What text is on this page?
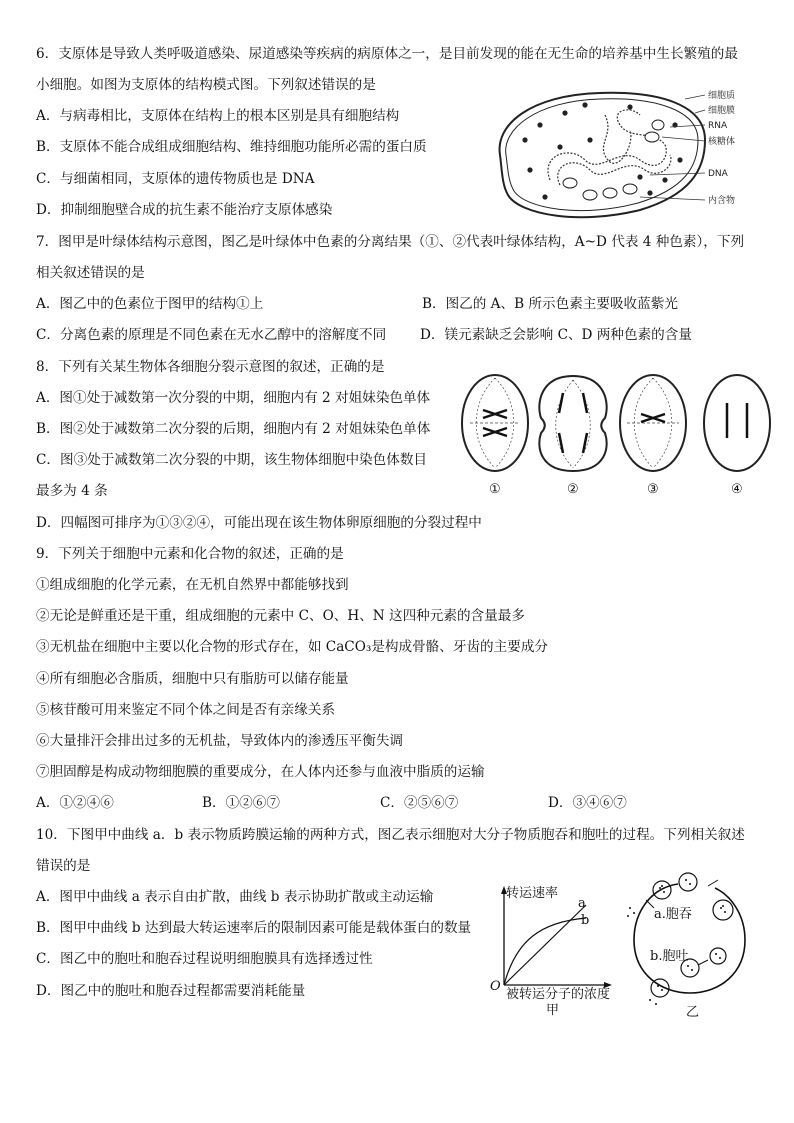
6．支原体是导致人类呼吸道感染、尿道感染等疾病的病原体之一，是目前发现的能在无生命的培养基中生长繁殖的最
小细胞。如图为支原体的结构模式图。下列叙述错误的是
A．与病毒相比，支原体在结构上的根本区别是具有细胞结构
B．支原体不能合成组成细胞结构、维持细胞功能所必需的蛋白质
C．与细菌相同，支原体的遗传物质也是 DNA
D．抑制细胞壁合成的抗生素不能治疗支原体感染
细胞质
细胞膜
RNA
核糖体
DNA
内含物
7．图甲是叶绿体结构示意图，图乙是叶绿体中色素的分离结果（①、②代表叶绿体结构，A~D 代表 4 种色素），下列
相关叙述错误的是
A．图乙中的色素位于图甲的结构①上	B．图乙的 A、B 所示色素主要吸收蓝紫光
C．分离色素的原理是不同色素在无水乙醇中的溶解度不同 D．镁元素缺乏会影响 C、D 两种色素的含量
8．下列有关某生物体各细胞分裂示意图的叙述，正确的是
A．图①处于减数第一次分裂的中期，细胞内有 2 对姐妹染色单体
B．图②处于减数第二次分裂的后期，细胞内有 2 对姐妹染色单体
C．图③处于减数第二次分裂的中期，该生物体细胞中染色体数目
最多为 4 条
D．四幅图可排序为①③②④，可能出现在该生物体卵原细胞的分裂过程中
①	②	③	④
9．下列关于细胞中元素和化合物的叙述，正确的是
①组成细胞的化学元素，在无机自然界中都能够找到
②无论是鲜重还是干重，组成细胞的元素中 C、O、H、N 这四种元素的含量最多
③无机盐在细胞中主要以化合物的形式存在，如 CaCO₃是构成骨骼、牙齿的主要成分
④所有细胞必含脂质，细胞中只有脂肪可以储存能量
⑤核苷酸可用来鉴定不同个体之间是否有亲缘关系
⑥大量排汗会排出过多的无机盐，导致体内的渗透压平衡失调
⑦胆固醇是构成动物细胞膜的重要成分，在人体内还参与血液中脂质的运输
A．①②④⑥	B．①②⑥⑦	C．②⑤⑥⑦	D．③④⑥⑦
10．下图甲中曲线 a．b 表示物质跨膜运输的两种方式，图乙表示细胞对大分子物质胞吞和胞吐的过程。下列相关叙述
错误的是
A．图甲中曲线 a 表示自由扩散，曲线 b 表示协助扩散或主动运输
B．图甲中曲线 b 达到最大转运速率后的限制因素可能是载体蛋白的数量
C．图乙中的胞吐和胞吞过程说明细胞膜具有选择透过性
D．图乙中的胞吐和胞吞过程都需要消耗能量
转运速率
a
b
O
被转运分子的浓度
甲
a.胞吞
b.胞吐
乙
